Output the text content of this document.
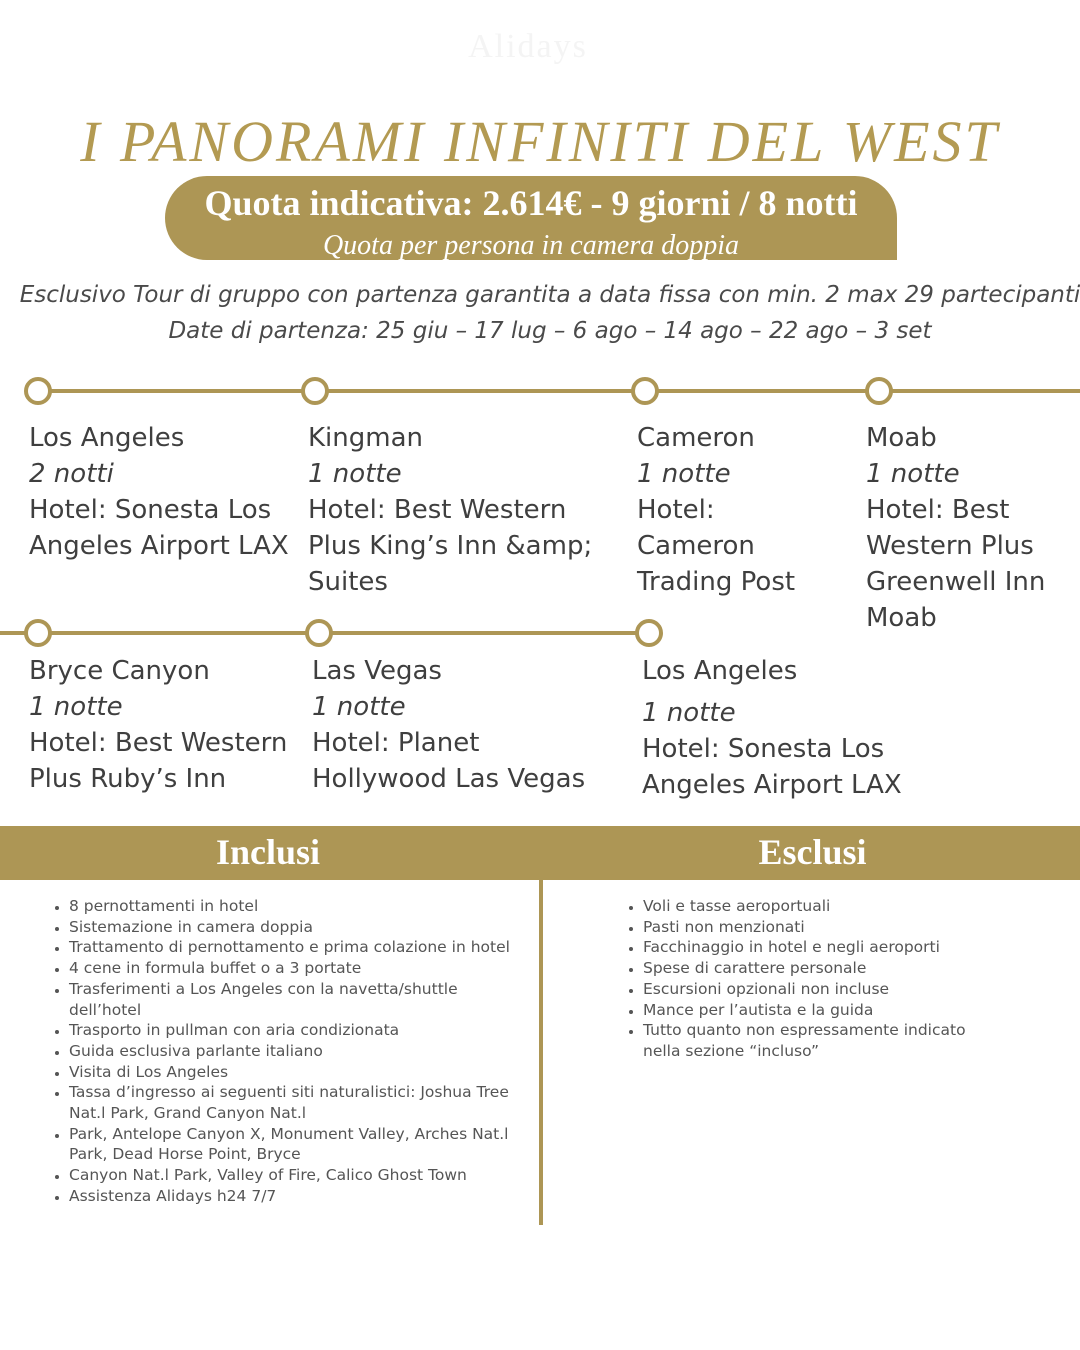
Alidays
I PANORAMI INFINITI DEL WEST
Quota indicativa: 2.614€ - 9 giorni / 8 notti
Quota per persona in camera doppia
Esclusivo Tour di gruppo con partenza garantita a data fissa con min. 2 max 29 partecipanti
Date di partenza: 25 giu – 17 lug – 6 ago – 14 ago – 22 ago – 3 set
Los Angeles
2 notti
Hotel: Sonesta Los Angeles Airport LAX
Kingman
1 notte
Hotel: Best Western Plus King’s Inn &amp; Suites
Cameron
1 notte
Hotel: Cameron Trading Post
Moab
1 notte
Hotel: Best Western Plus Greenwell Inn Moab
Bryce Canyon
1 notte
Hotel: Best Western Plus Ruby’s Inn
Las Vegas
1 notte
Hotel: Planet Hollywood Las Vegas
Los Angeles
1 notte
Hotel: Sonesta Los Angeles Airport LAX
Inclusi	Esclusi
• 8 pernottamenti in hotel
• Sistemazione in camera doppia
• Trattamento di pernottamento e prima colazione in hotel
• 4 cene in formula buffet o a 3 portate
• Trasferimenti a Los Angeles con la navetta/shuttle dell’hotel
• Trasporto in pullman con aria condizionata
• Guida esclusiva parlante italiano
• Visita di Los Angeles
• Tassa d’ingresso ai seguenti siti naturalistici: Joshua Tree Nat.l Park, Grand Canyon Nat.l
• Park, Antelope Canyon X, Monument Valley, Arches Nat.l Park, Dead Horse Point, Bryce
• Canyon Nat.l Park, Valley of Fire, Calico Ghost Town
• Assistenza Alidays h24 7/7
• Voli e tasse aeroportuali
• Pasti non menzionati
• Facchinaggio in hotel e negli aeroporti
• Spese di carattere personale
• Escursioni opzionali non incluse
• Mance per l’autista e la guida
• Tutto quanto non espressamente indicato nella sezione “incluso”
